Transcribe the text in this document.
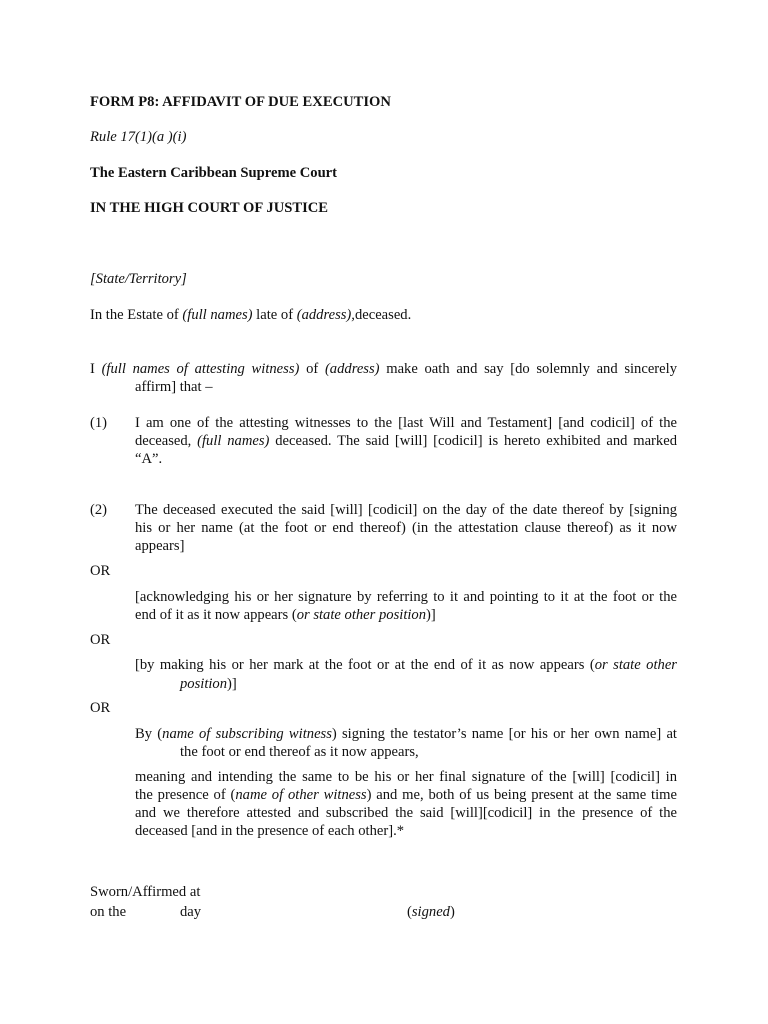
FORM P8: AFFIDAVIT OF DUE EXECUTION
Rule 17(1)(a )(i)
The Eastern Caribbean Supreme Court
IN THE HIGH COURT OF JUSTICE
[State/Territory]
In the Estate of (full names) late of (address),deceased.
I (full names of attesting witness) of (address) make oath and say [do solemnly and sincerely
affirm] that –
(1) I am one of the attesting witnesses to the [last Will and Testament] [and codicil] of the
deceased, (full names) deceased. The said [will] [codicil] is hereto exhibited and marked
“A”.
(2) The deceased executed the said [will] [codicil] on the day of the date thereof by [signing
his or her name (at the foot or end thereof) (in the attestation clause thereof) as it now
appears]
OR
[acknowledging his or her signature by referring to it and pointing to it at the foot or the
end of it as it now appears (or state other position)]
OR
[by making his or her mark at the foot or at the end of it as now appears (or state other
position)]
OR
By (name of subscribing witness) signing the testator’s name [or his or her own name] at
the foot or end thereof as it now appears,
meaning and intending the same to be his or her final signature of the [will] [codicil] in
the presence of (name of other witness) and me, both of us being present at the same time
and we therefore attested and subscribed the said [will][codicil] in the presence of the
deceased [and in the presence of each other].*
Sworn/Affirmed at
on the	day	(signed)
